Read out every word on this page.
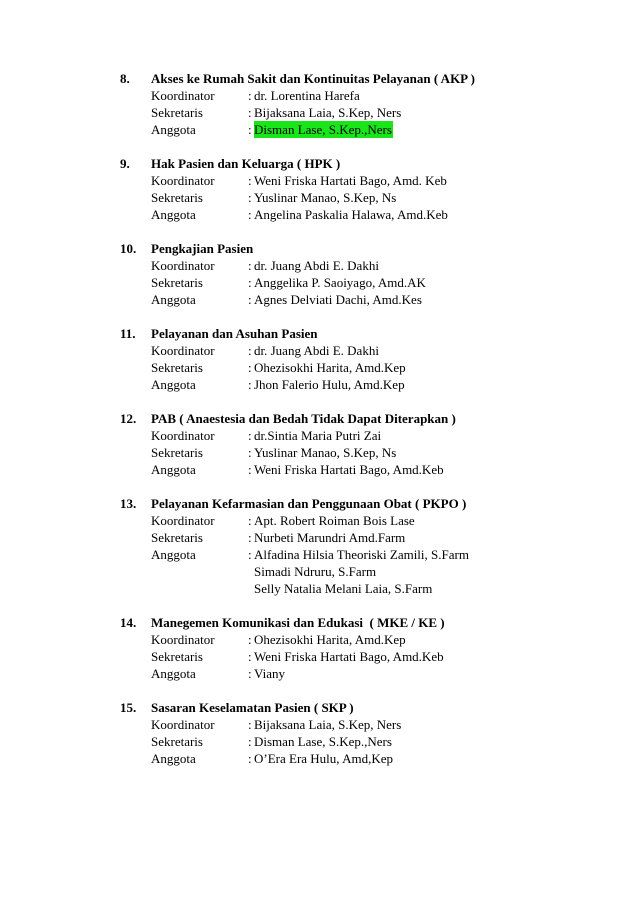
8.	Akses ke Rumah Sakit dan Kontinuitas Pelayanan ( AKP )
Koordinator	: dr. Lorentina Harefa
Sekretaris	: Bijaksana Laia, S.Kep, Ners
Anggota	: Disman Lase, S.Kep.,Ners
9.	Hak Pasien dan Keluarga ( HPK )
Koordinator	: Weni Friska Hartati Bago, Amd. Keb
Sekretaris	: Yuslinar Manao, S.Kep, Ns
Anggota	: Angelina Paskalia Halawa, Amd.Keb
10.	Pengkajian Pasien
Koordinator	: dr. Juang Abdi E. Dakhi
Sekretaris	: Anggelika P. Saoiyago, Amd.AK
Anggota	: Agnes Delviati Dachi, Amd.Kes
11.	Pelayanan dan Asuhan Pasien
Koordinator	: dr. Juang Abdi E. Dakhi
Sekretaris	: Ohezisokhi Harita, Amd.Kep
Anggota	: Jhon Falerio Hulu, Amd.Kep
12.	PAB ( Anaestesia dan Bedah Tidak Dapat Diterapkan )
Koordinator	: dr.Sintia Maria Putri Zai
Sekretaris	: Yuslinar Manao, S.Kep, Ns
Anggota	: Weni Friska Hartati Bago, Amd.Keb
13.	Pelayanan Kefarmasian dan Penggunaan Obat ( PKPO )
Koordinator	: Apt. Robert Roiman Bois Lase
Sekretaris	: Nurbeti Marundri Amd.Farm
Anggota	: Alfadina Hilsia Theoriski Zamili, S.Farm
Simadi Ndruru, S.Farm
Selly Natalia Melani Laia, S.Farm
14.	Manegemen Komunikasi dan Edukasi  ( MKE / KE )
Koordinator	: Ohezisokhi Harita, Amd.Kep
Sekretaris	: Weni Friska Hartati Bago, Amd.Keb
Anggota	: Viany
15.	Sasaran Keselamatan Pasien ( SKP )
Koordinator	: Bijaksana Laia, S.Kep, Ners
Sekretaris	: Disman Lase, S.Kep.,Ners
Anggota	: O’Era Era Hulu, Amd,Kep
